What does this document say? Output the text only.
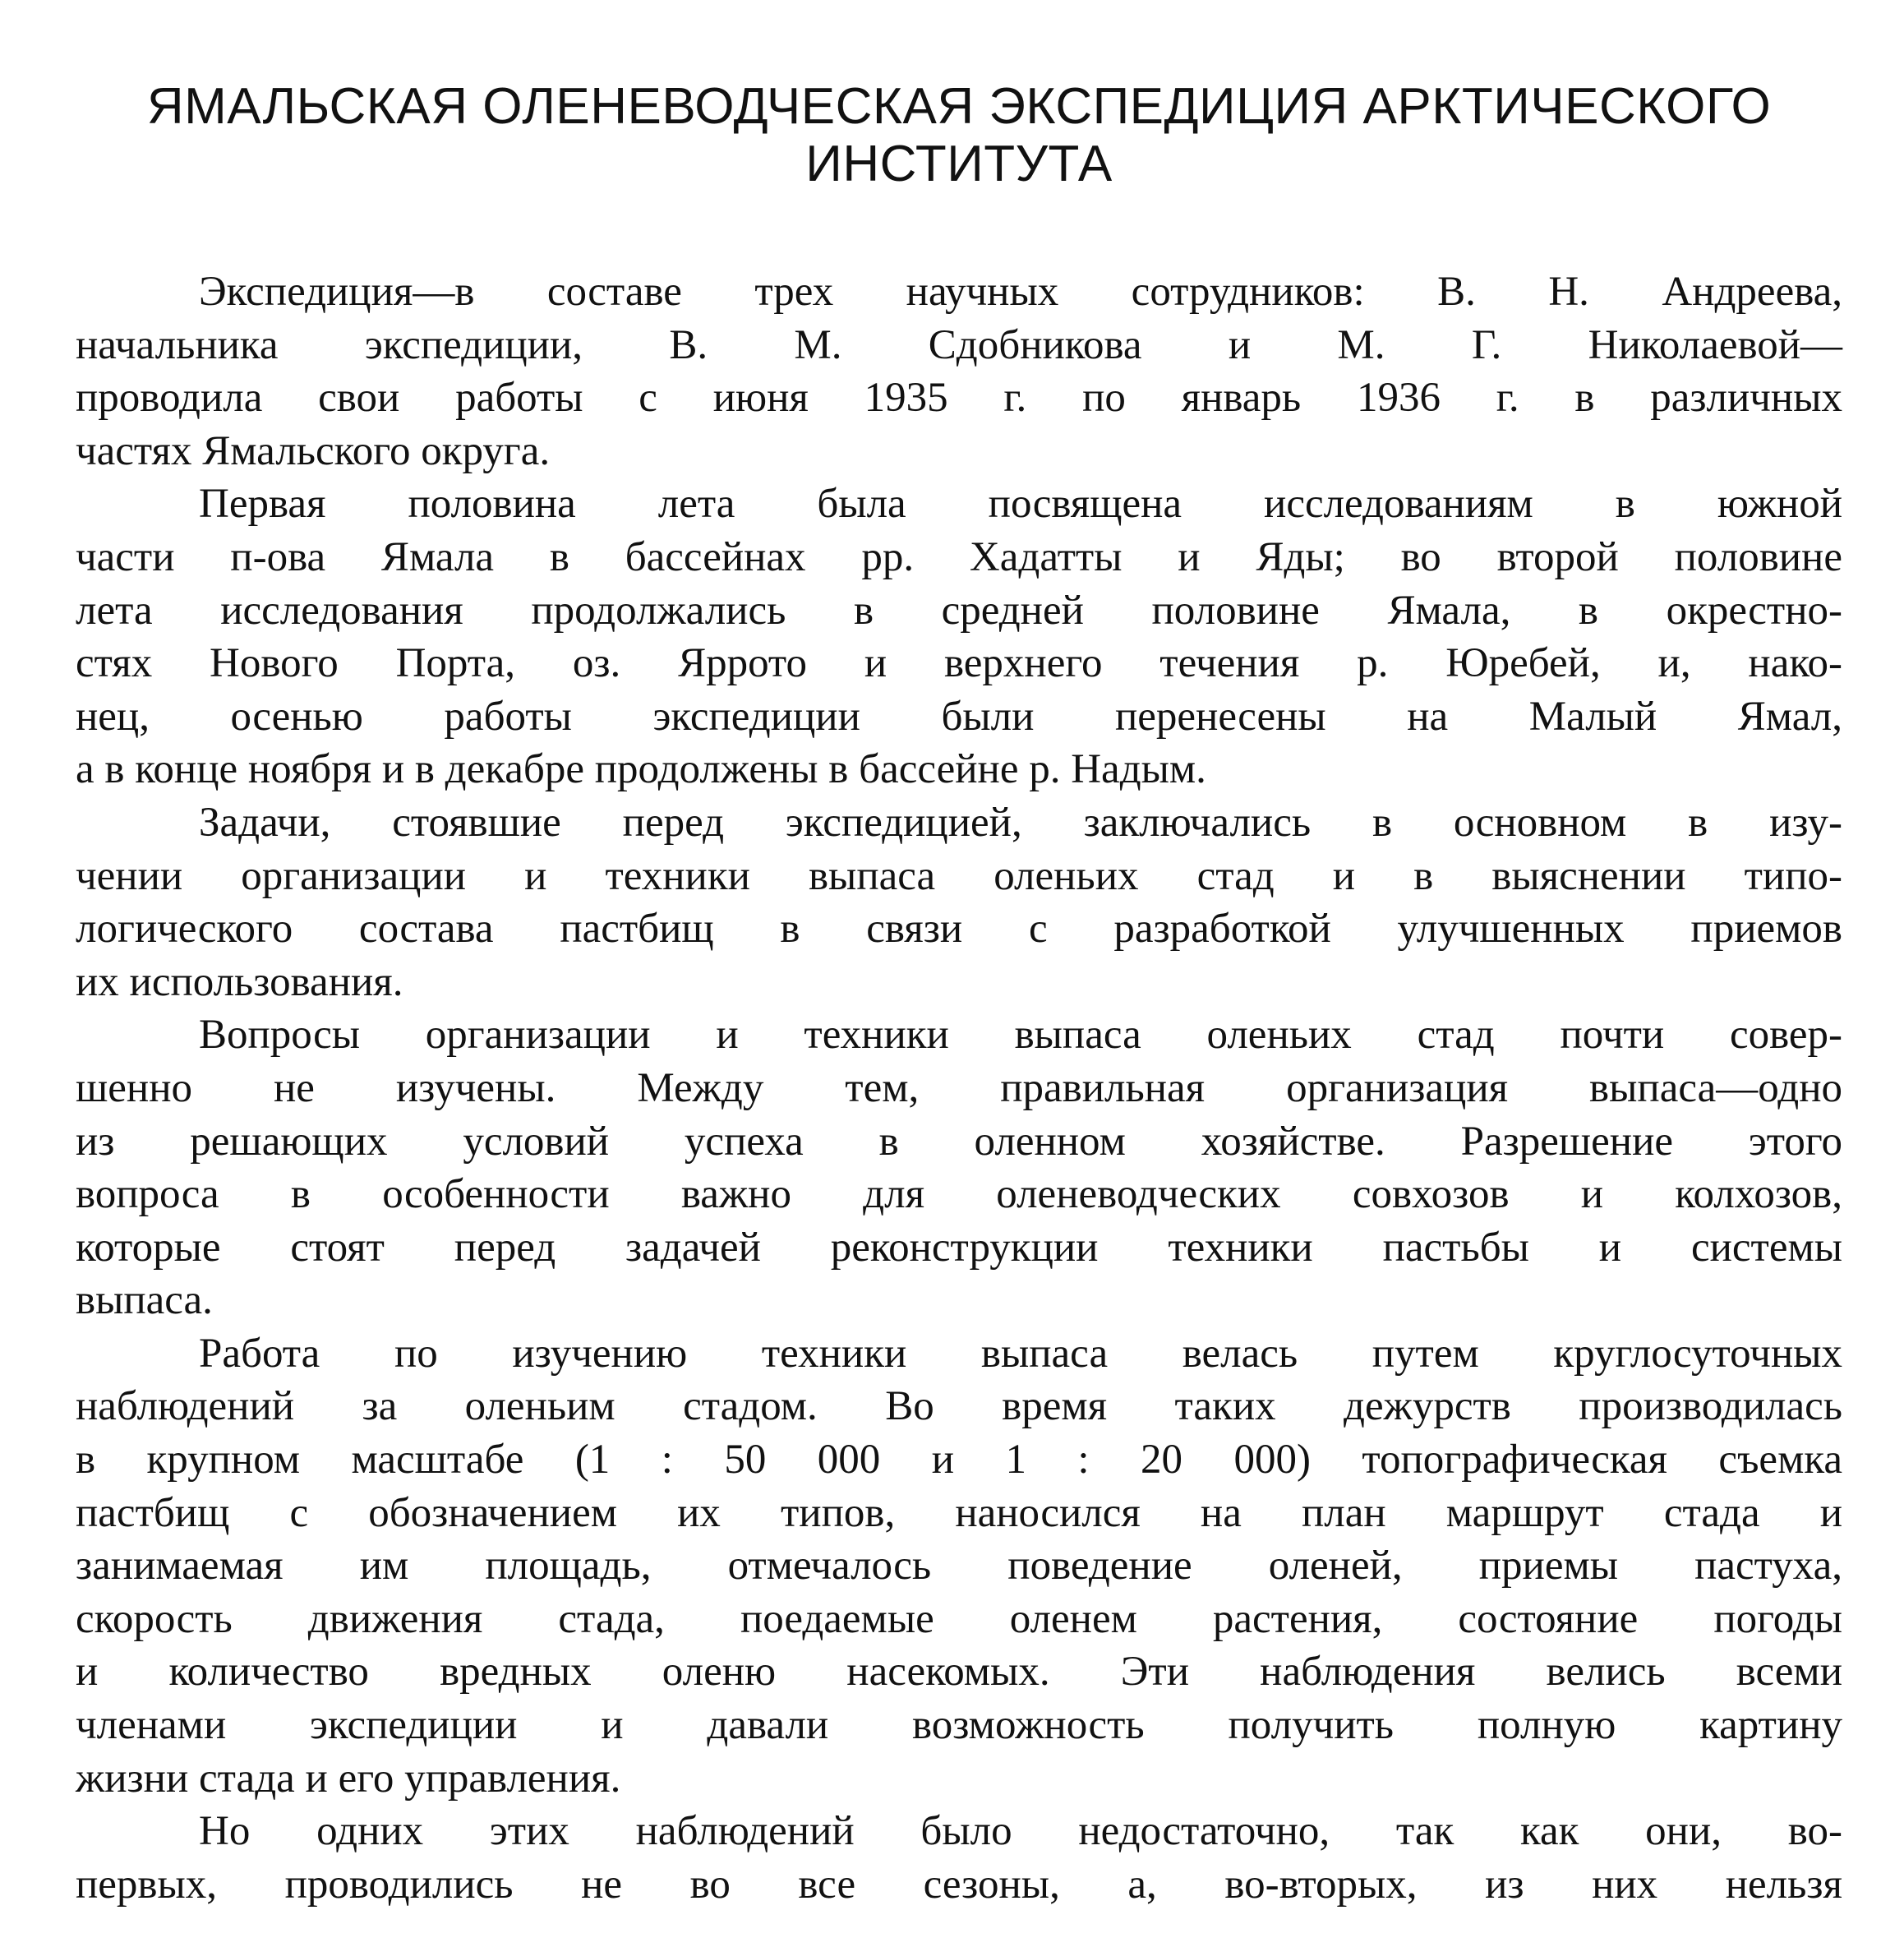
ЯМАЛЬСКАЯ ОЛЕНЕВОДЧЕСКАЯ ЭКСПЕДИЦИЯ АРКТИЧЕСКОГО
ИНСТИТУТА
Экспедиция—в составе трех научных сотрудников: В. Н. Андреева,
начальника экспедиции, В. М. Сдобникова и М. Г. Николаевой—
проводила свои работы с июня 1935 г. по январь 1936 г. в различных
частях Ямальского округа.
Первая половина лета была посвящена исследованиям в южной
части п-ова Ямала в бассейнах рр. Хадатты и Яды; во второй половине
лета исследования продолжались в средней половине Ямала, в окрестно-
стях Нового Порта, оз. Яррото и верхнего течения р. Юребей, и, нако-
нец, осенью работы экспедиции были перенесены на Малый Ямал,
а в конце ноября и в декабре продолжены в бассейне р. Надым.
Задачи, стоявшие перед экспедицией, заключались в основном в изу-
чении организации и техники выпаса оленьих стад и в выяснении типо-
логического состава пастбищ в связи с разработкой улучшенных приемов
их использования.
Вопросы организации и техники выпаса оленьих стад почти совер-
шенно не изучены. Между тем, правильная организация выпаса—одно
из решающих условий успеха в оленном хозяйстве. Разрешение этого
вопроса в особенности важно для оленеводческих совхозов и колхозов,
которые стоят перед задачей реконструкции техники пастьбы и системы
выпаса.
Работа по изучению техники выпаса велась путем круглосуточных
наблюдений за оленьим стадом. Во время таких дежурств производилась
в крупном масштабе (1 : 50 000 и 1 : 20 000) топографическая съемка
пастбищ с обозначением их типов, наносился на план маршрут стада и
занимаемая им площадь, отмечалось поведение оленей, приемы пастуха,
скорость движения стада, поедаемые оленем растения, состояние погоды
и количество вредных оленю насекомых. Эти наблюдения велись всеми
членами экспедиции и давали возможность получить полную картину
жизни стада и его управления.
Но одних этих наблюдений было недостаточно, так как они, во-
первых, проводились не во все сезоны, а, во-вторых, из них нельзя
